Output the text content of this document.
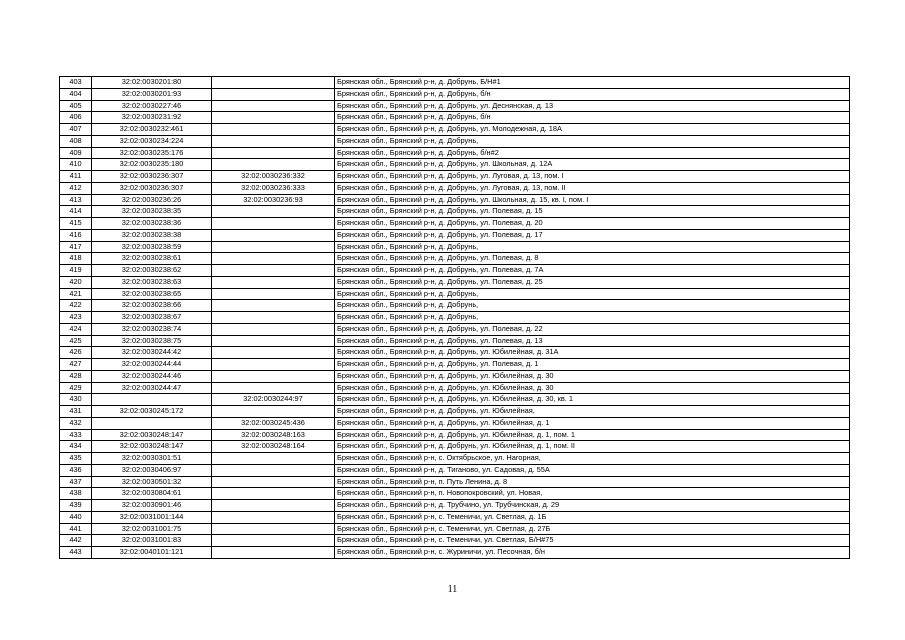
403	32:02:0030201:80		Брянская обл., Брянский р-н, д. Добрунь, Б/Н#1
404	32:02:0030201:93		Брянская обл., Брянский р-н, д. Добрунь, б/н
405	32:02:0030227:46		Брянская обл., Брянский р-н, д. Добрунь, ул. Деснянская, д. 13
406	32:02:0030231:92		Брянская обл., Брянский р-н, д. Добрунь, б/н
407	32:02:0030232:461		Брянская обл., Брянский р-н, д. Добрунь, ул. Молодежная, д. 18А
408	32:02:0030234:224		Брянская обл., Брянский р-н, д. Добрунь,
409	32:02:0030235:176		Брянская обл., Брянский р-н, д. Добрунь, б/н#2
410	32:02:0030235:180		Брянская обл., Брянский р-н, д. Добрунь, ул. Школьная, д. 12А
411	32:02:0030236:307	32:02:0030236:332	Брянская обл., Брянский р-н, д. Добрунь, ул. Луговая, д. 13, пом. I
412	32:02:0030236:307	32:02:0030236:333	Брянская обл., Брянский р-н, д. Добрунь, ул. Луговая, д. 13, пом. II
413	32:02:0030236:26	32:02:0030236:93	Брянская обл., Брянский р-н, д. Добрунь, ул. Школьная, д. 15, кв. I, пом. I
414	32:02:0030238:35		Брянская обл., Брянский р-н, д. Добрунь, ул. Полевая, д. 15
415	32:02:0030238:36		Брянская обл., Брянский р-н, д. Добрунь, ул. Полевая, д. 20
416	32:02:0030238:38		Брянская обл., Брянский р-н, д. Добрунь, ул. Полевая, д. 17
417	32:02:0030238:59		Брянская обл., Брянский р-н, д. Добрунь,
418	32:02:0030238:61		Брянская обл., Брянский р-н, д. Добрунь, ул. Полевая, д. 8
419	32:02:0030238:62		Брянская обл., Брянский р-н, д. Добрунь, ул. Полевая, д. 7А
420	32:02:0030238:63		Брянская обл., Брянский р-н, д. Добрунь, ул. Полевая, д. 25
421	32:02:0030238:65		Брянская обл., Брянский р-н, д. Добрунь,
422	32:02:0030238:66		Брянская обл., Брянский р-н, д. Добрунь,
423	32:02:0030238:67		Брянская обл., Брянский р-н, д. Добрунь,
424	32:02:0030238:74		Брянская обл., Брянский р-н, д. Добрунь, ул. Полевая, д. 22
425	32:02:0030238:75		Брянская обл., Брянский р-н, д. Добрунь, ул. Полевая, д. 13
426	32:02:0030244:42		Брянская обл., Брянский р-н, д. Добрунь, ул. Юбилейная, д. 31А
427	32:02:0030244:44		Брянская обл., Брянский р-н, д. Добрунь, ул. Полевая, д. 1
428	32:02:0030244:46		Брянская обл., Брянский р-н, д. Добрунь, ул. Юбилейная, д. 30
429	32:02:0030244:47		Брянская обл., Брянский р-н, д. Добрунь, ул. Юбилейная, д. 30
430		32:02:0030244:97	Брянская обл., Брянский р-н, д. Добрунь, ул. Юбилейная, д. 30, кв. 1
431	32:02:0030245:172		Брянская обл., Брянский р-н, д. Добрунь, ул. Юбилейная,
432		32:02:0030245:436	Брянская обл., Брянский р-н, д. Добрунь, ул. Юбилейная, д. 1
433	32:02:0030248:147	32:02:0030248:163	Брянская обл., Брянский р-н, д. Добрунь, ул. Юбилейная, д. 1, пом. 1
434	32:02:0030248:147	32:02:0030248:164	Брянская обл., Брянский р-н, д. Добрунь, ул. Юбилейная, д. 1, пом. II
435	32:02:0030301:51		Брянская обл., Брянский р-н, с. Октябрьское, ул. Нагорная,
436	32:02:0030406:97		Брянская обл., Брянский р-н, д. Тиганово, ул. Садовая, д. 55А
437	32:02:0030501:32		Брянская обл., Брянский р-н, п. Путь Ленина, д. 8
438	32:02:0030804:61		Брянская обл., Брянский р-н, п. Новопокровский, ул. Новая,
439	32:02:0030901:46		Брянская обл., Брянский р-н, д. Трубчино, ул. Трубчинская, д. 29
440	32:02:0031001:144		Брянская обл., Брянский р-н, с. Теменичи, ул. Светлая, д. 1Б
441	32:02:0031001:75		Брянская обл., Брянский р-н, с. Теменичи, ул. Светлая, д. 27Б
442	32:02:0031001:83		Брянская обл., Брянский р-н, с. Теменичи, ул. Светлая, Б/Н#75
443	32:02:0040101:121		Брянская обл., Брянский р-н, с. Журиничи, ул. Песочная, б/н
11
